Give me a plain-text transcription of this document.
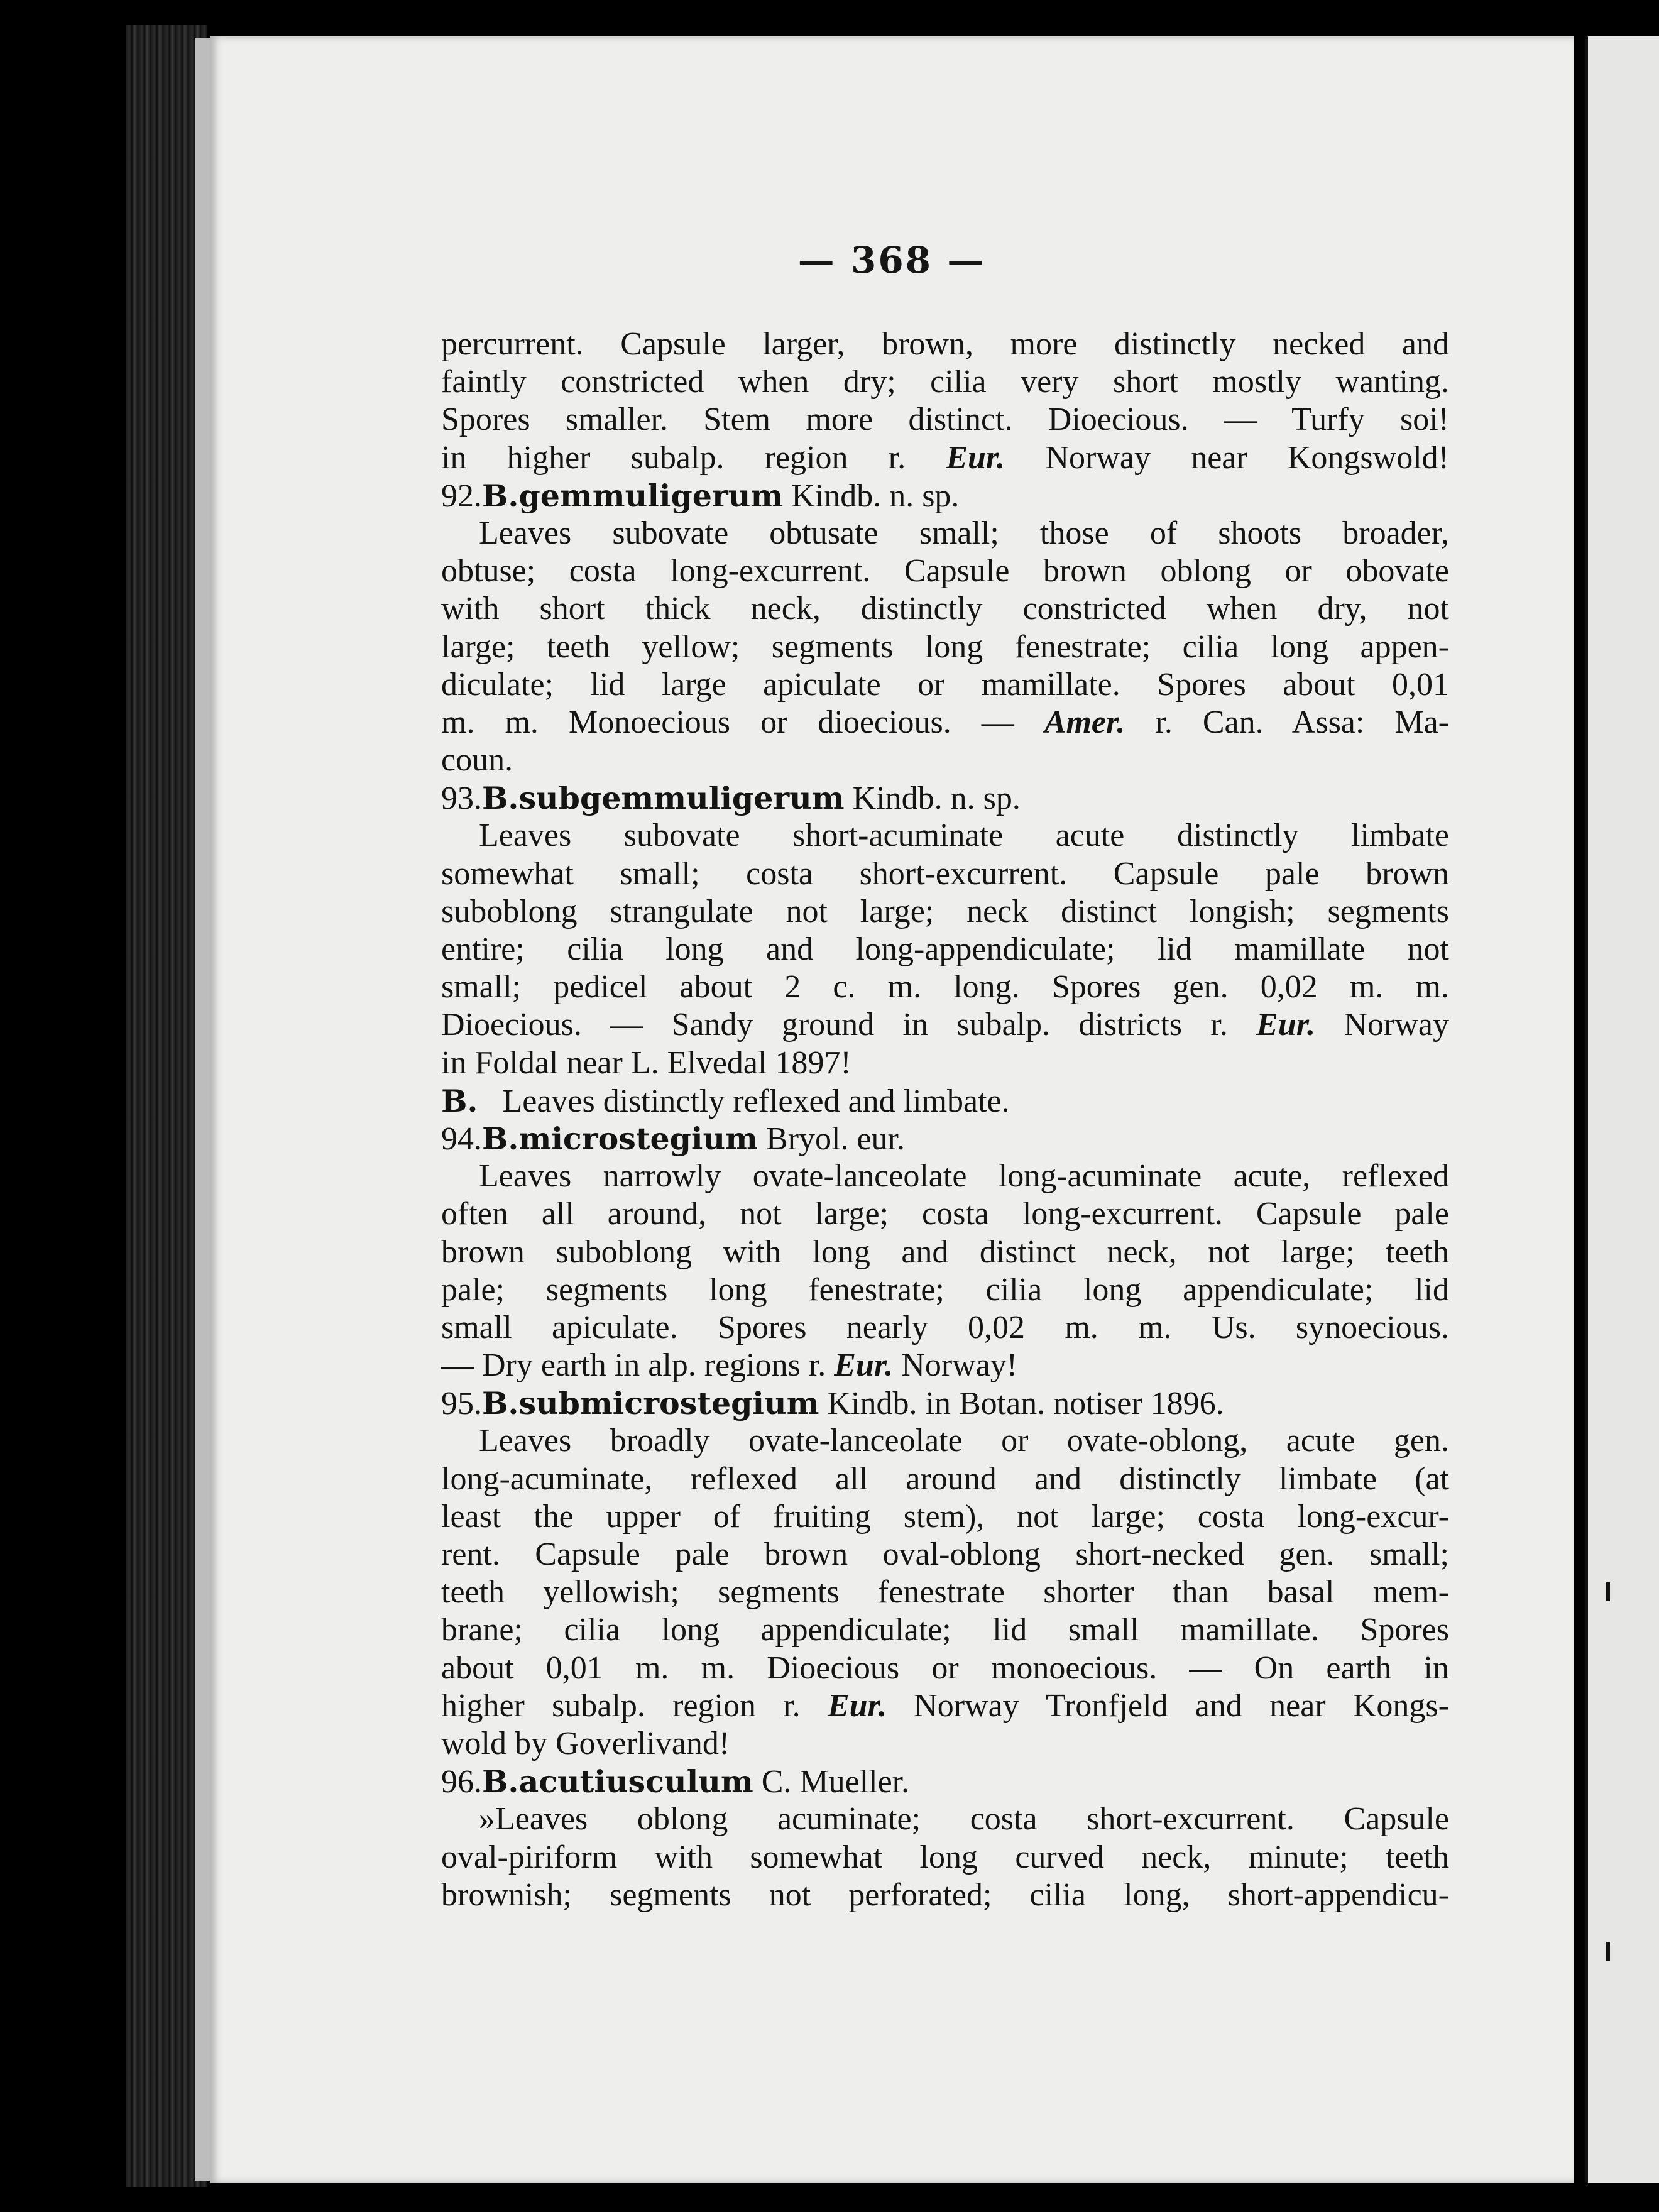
— 368 —
percurrent. Capsule larger, brown, more distinctly necked and
faintly constricted when dry; cilia very short mostly wanting.
Spores smaller. Stem more distinct. Dioecious. — Turfy soi!
in higher subalp. region r. Eur. Norway near Kongswold!
92.B.gemmuligerum Kindb. n. sp.
Leaves subovate obtusate small; those of shoots broader,
obtuse; costa long-excurrent. Capsule brown oblong or obovate
with short thick neck, distinctly constricted when dry, not
large; teeth yellow; segments long fenestrate; cilia long appen-
diculate; lid large apiculate or mamillate. Spores about 0,01
m. m. Monoecious or dioecious. — Amer. r. Can. Assa: Ma-
coun.
93.B.subgemmuligerum Kindb. n. sp.
Leaves subovate short-acuminate acute distinctly limbate
somewhat small; costa short-excurrent. Capsule pale brown
suboblong strangulate not large; neck distinct longish; segments
entire; cilia long and long-appendiculate; lid mamillate not
small; pedicel about 2 c. m. long. Spores gen. 0,02 m. m.
Dioecious. — Sandy ground in subalp. districts r. Eur. Norway
in Foldal near L. Elvedal 1897!
B.   Leaves distinctly reflexed and limbate.
94.B.microstegium Bryol. eur.
Leaves narrowly ovate-lanceolate long-acuminate acute, reflexed
often all around, not large; costa long-excurrent. Capsule pale
brown suboblong with long and distinct neck, not large; teeth
pale; segments long fenestrate; cilia long appendiculate; lid
small apiculate. Spores nearly 0,02 m. m. Us. synoecious.
— Dry earth in alp. regions r. Eur. Norway!
95.B.submicrostegium Kindb. in Botan. notiser 1896.
Leaves broadly ovate-lanceolate or ovate-oblong, acute gen.
long-acuminate, reflexed all around and distinctly limbate (at
least the upper of fruiting stem), not large; costa long-excur-
rent. Capsule pale brown oval-oblong short-necked gen. small;
teeth yellowish; segments fenestrate shorter than basal mem-
brane; cilia long appendiculate; lid small mamillate. Spores
about 0,01 m. m. Dioecious or monoecious. — On earth in
higher subalp. region r. Eur. Norway Tronfjeld and near Kongs-
wold by Goverlivand!
96.B.acutiusculum C. Mueller.
»Leaves oblong acuminate; costa short-excurrent. Capsule
oval-piriform with somewhat long curved neck, minute; teeth
brownish; segments not perforated; cilia long, short-appendicu-
